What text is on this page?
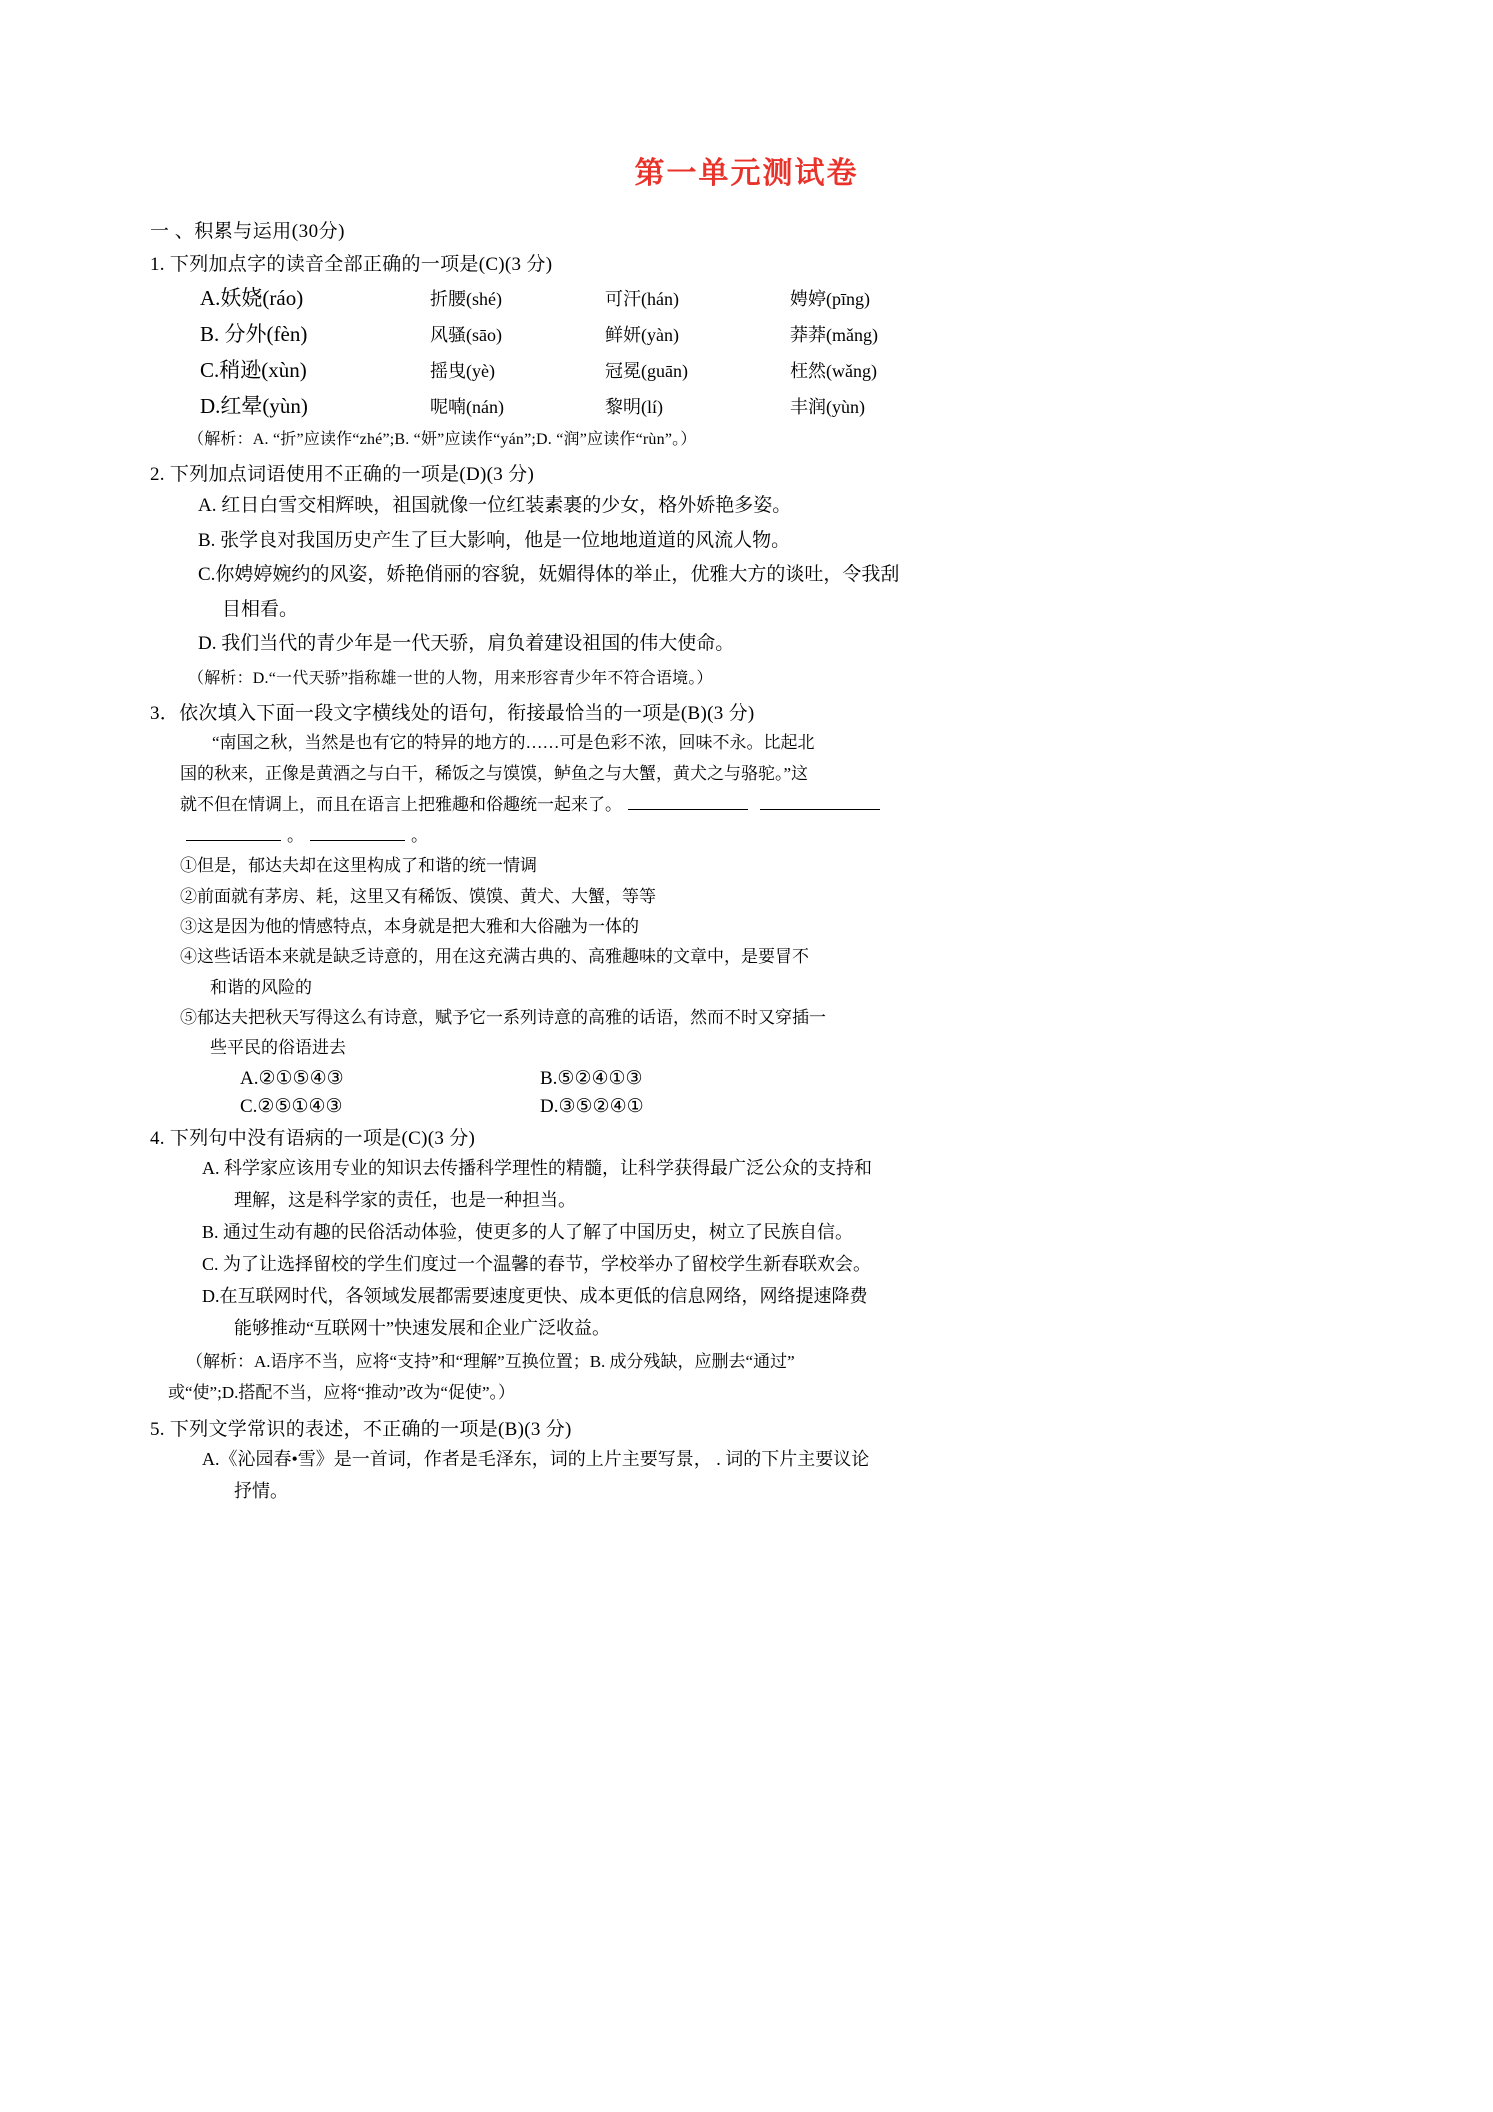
第一单元测试卷
一 、积累与运用(30分)
1. 下列加点字的读音全部正确的一项是(C)(3 分)
A.妖娆(ráo)	折腰(shé)	可汗(hán)	娉婷(pīng)
B. 分外(fèn)	风骚(sāo)	鲜妍(yàn)	莽莽(mǎng)
C.稍逊(xùn)	摇曳(yè)	冠冕(guān)	枉然(wǎng)
D.红晕(yùn)	呢喃(nán)	黎明(lí)	丰润(yùn)
（解析：A. “折”应读作“zhé”;B. “妍”应读作“yán”;D. “润”应读作“rùn”。）
2. 下列加点词语使用不正确的一项是(D)(3 分)
A. 红日白雪交相辉映，祖国就像一位红装素裹的少女，格外娇艳多姿。
B. 张学良对我国历史产生了巨大影响，他是一位地地道道的风流人物。
C.你娉婷婉约的风姿，娇艳俏丽的容貌，妩媚得体的举止，优雅大方的谈吐，令我刮
目相看。
D. 我们当代的青少年是一代天骄，肩负着建设祖国的伟大使命。
（解析：D.“一代天骄”指称雄一世的人物，用来形容青少年不符合语境。）
3．依次填入下面一段文字横线处的语句，衔接最恰当的一项是(B)(3 分)
“南国之秋，当然是也有它的特异的地方的……可是色彩不浓，回味不永。比起北
国的秋来，正像是黄酒之与白干，稀饭之与馍馍，鲈鱼之与大蟹，黄犬之与骆驼。”这
就不但在情调上，而且在语言上把雅趣和俗趣统一起来了。
。	。
①但是，郁达夫却在这里构成了和谐的统一情调
②前面就有茅房、耗，这里又有稀饭、馍馍、黄犬、大蟹，等等
③这是因为他的情感特点，本身就是把大雅和大俗融为一体的
④这些话语本来就是缺乏诗意的，用在这充满古典的、高雅趣味的文章中，是要冒不
和谐的风险的
⑤郁达夫把秋天写得这么有诗意，赋予它一系列诗意的高雅的话语，然而不时又穿插一
些平民的俗语进去
A.②①⑤④③	B.⑤②④①③
C.②⑤①④③	D.③⑤②④①
4. 下列句中没有语病的一项是(C)(3 分)
A. 科学家应该用专业的知识去传播科学理性的精髓，让科学获得最广泛公众的支持和
理解，这是科学家的责任，也是一种担当。
B. 通过生动有趣的民俗活动体验，使更多的人了解了中国历史，树立了民族自信。
C. 为了让选择留校的学生们度过一个温馨的春节，学校举办了留校学生新春联欢会。
D.在互联网时代，各领域发展都需要速度更快、成本更低的信息网络，网络提速降费
能够推动“互联网十”快速发展和企业广泛收益。
（解析：A.语序不当，应将“支持”和“理解”互换位置；B. 成分残缺，应删去“通过”
或“使”;D.搭配不当，应将“推动”改为“促使”。）
5. 下列文学常识的表述，不正确的一项是(B)(3 分)
A.《沁园春•雪》是一首词，作者是毛泽东，词的上片主要写景， . 词的下片主要议论
抒情。
